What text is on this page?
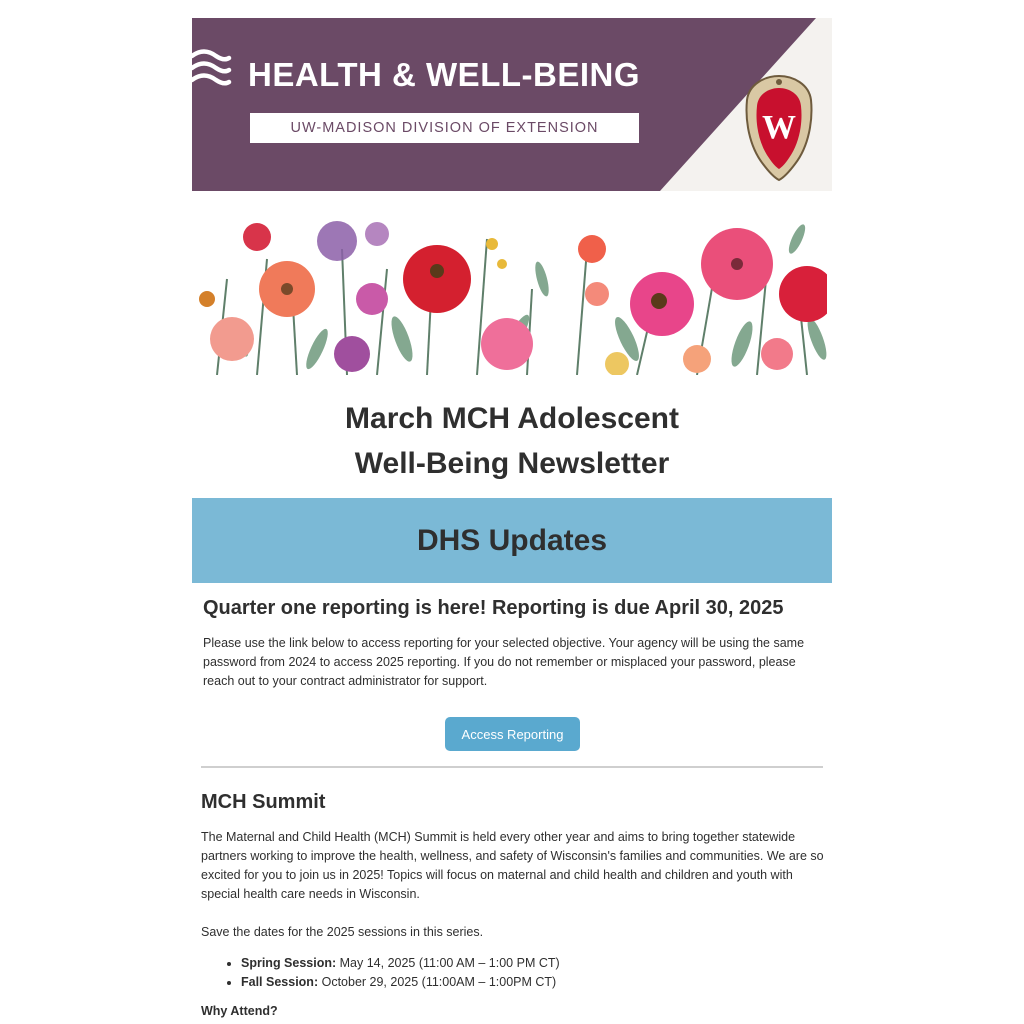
W
HEALTH & WELL-BEING
UW-MADISON DIVISION OF EXTENSION
March MCH Adolescent
Well-Being Newsletter
DHS Updates
Quarter one reporting is here! Reporting is due April 30, 2025
Please use the link below to access reporting for your selected objective. Your agency will be using the same password from 2024 to access 2025 reporting. If you do not remember or misplaced your password, please reach out to your contract administrator for support.
Access Reporting
MCH Summit
The Maternal and Child Health (MCH) Summit is held every other year and aims to bring together statewide partners working to improve the health, wellness, and safety of Wisconsin's families and communities. We are so excited for you to join us in 2025! Topics will focus on maternal and child health and children and youth with special health care needs in Wisconsin.
Save the dates for the 2025 sessions in this series.
• Spring Session: May 14, 2025 (11:00 AM – 1:00 PM CT)
• Fall Session: October 29, 2025 (11:00AM – 1:00PM CT)
Why Attend?
